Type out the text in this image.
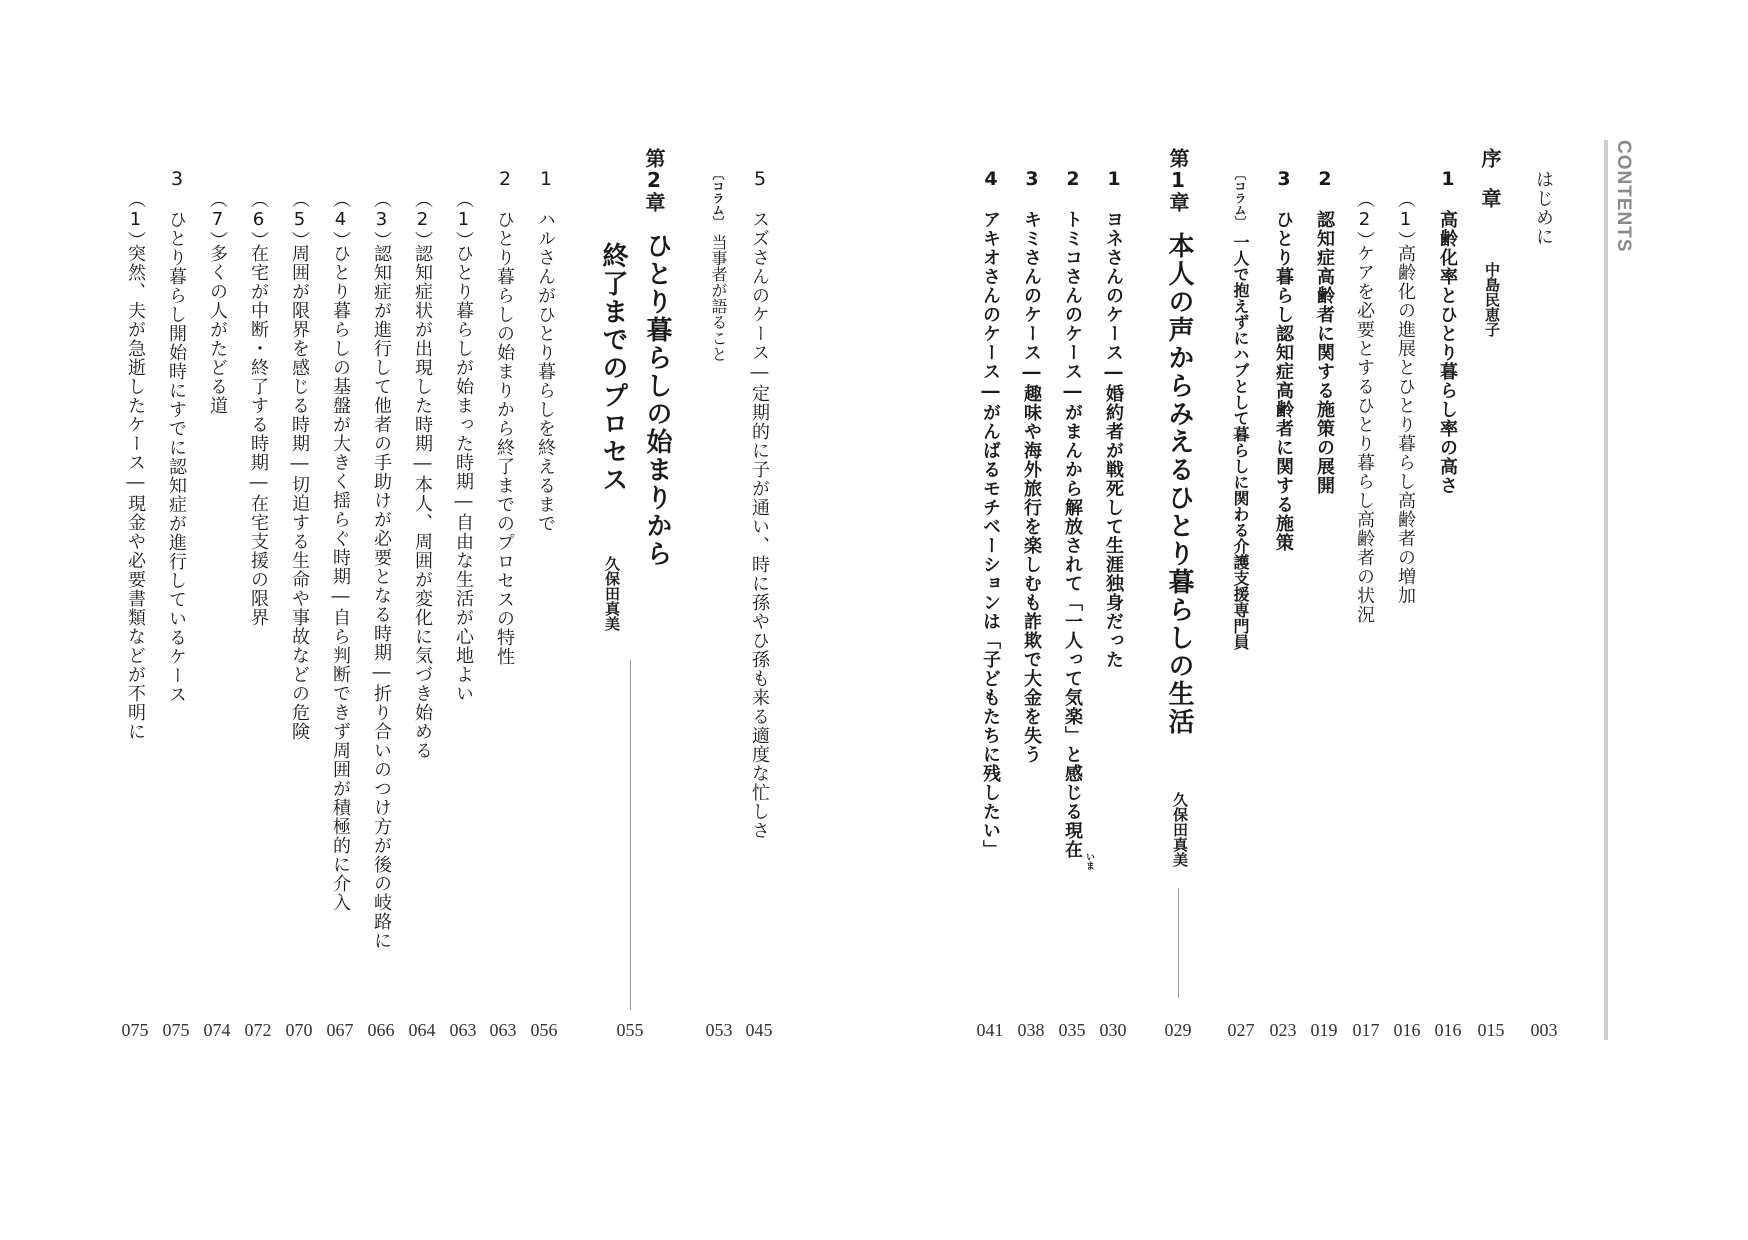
CONTENTS
はじめに
003
序　章
中島民恵子
015
1
高齢化率とひとり暮らし率の高さ
016
（1）
高齢化の進展とひとり暮らし高齢者の増加
016
（2）
ケアを必要とするひとり暮らし高齢者の状況
017
2
認知症高齢者に関する施策の展開
019
3
ひとり暮らし認知症高齢者に関する施策
023
〔コラム〕
一人で抱えずにハブとして暮らしに関わる介護支援専門員
027
第1章
本人の声からみえるひとり暮らしの生活
久保田真美
029
1
ヨネさんのケース―婚約者が戦死して生涯独身だった
030
2
トミコさんのケース―がまんから解放されて「一人って気楽」と感じる現在
いま
035
3
キミさんのケース―趣味や海外旅行を楽しむも詐欺で大金を失う
038
4
アキオさんのケース―がんばるモチベーションは「子どもたちに残したい」
041
5
スズさんのケース―定期的に子が通い、時に孫やひ孫も来る適度な忙しさ
045
〔コラム〕
当事者が語ること
053
第2章
ひとり暮らしの始まりから
終了までのプロセス
久保田真美
055
1
ハルさんがひとり暮らしを終えるまで
056
2
ひとり暮らしの始まりから終了までのプロセスの特性
063
（1）
ひとり暮らしが始まった時期―自由な生活が心地よい
063
（2）
認知症状が出現した時期―本人、周囲が変化に気づき始める
064
（3）
認知症が進行して他者の手助けが必要となる時期―折り合いのつけ方が後の岐路に
066
（4）
ひとり暮らしの基盤が大きく揺らぐ時期―自ら判断できず周囲が積極的に介入
067
（5）
周囲が限界を感じる時期―切迫する生命や事故などの危険
070
（6）
在宅が中断・終了する時期―在宅支援の限界
072
（7）
多くの人がたどる道
074
3
ひとり暮らし開始時にすでに認知症が進行しているケース
075
（1）
突然、夫が急逝したケース―現金や必要書類などが不明に
075
